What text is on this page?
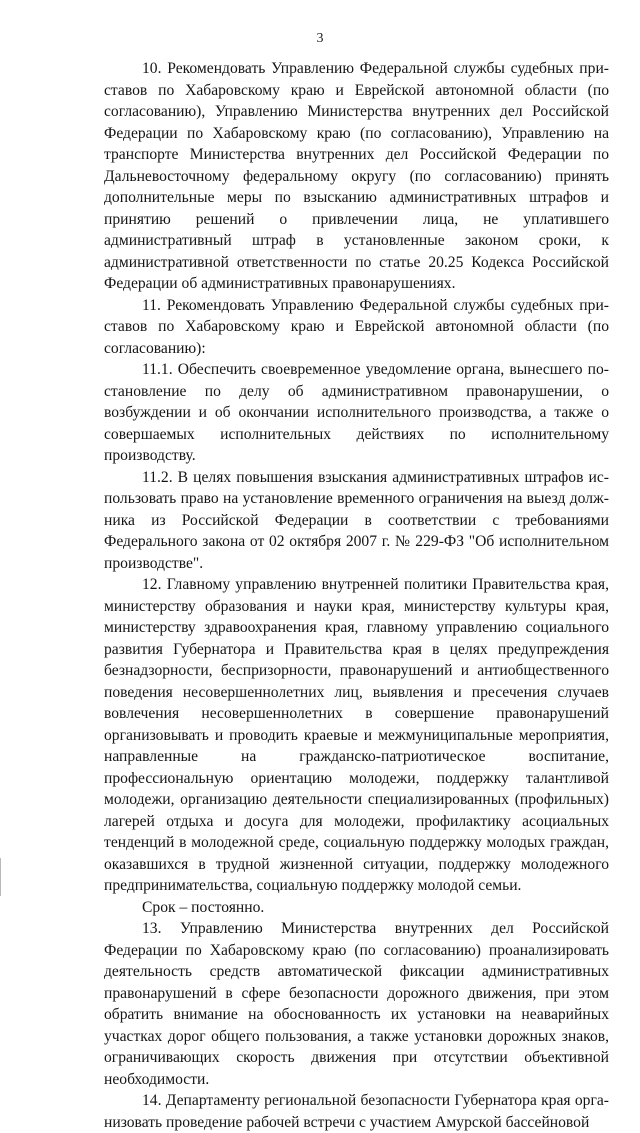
3

10. Рекомендовать Управлению Федеральной службы судебных приставов по Хабаровскому краю и Еврейской автономной области (по согласованию), Управлению Министерства внутренних дел Российской Федерации по Хабаровскому краю (по согласованию), Управлению на транспорте Министерства внутренних дел Российской Федерации по Дальневосточному федеральному округу (по согласованию) принять дополнительные меры по взысканию административных штрафов и принятию решений о привлечении лица, не уплатившего административный штраф в установленные законом сроки, к административной ответственности по статье 20.25 Кодекса Российской Федерации об административных правонарушениях.

11. Рекомендовать Управлению Федеральной службы судебных приставов по Хабаровскому краю и Еврейской автономной области (по согласованию):

11.1. Обеспечить своевременное уведомление органа, вынесшего постановление по делу об административном правонарушении, о возбуждении и об окончании исполнительного производства, а также о совершаемых исполнительных действиях по исполнительному производству.

11.2. В целях повышения взыскания административных штрафов использовать право на установление временного ограничения на выезд должника из Российской Федерации в соответствии с требованиями Федерального закона от 02 октября 2007 г. № 229-ФЗ "Об исполнительном производстве".

12. Главному управлению внутренней политики Правительства края, министерству образования и науки края, министерству культуры края, министерству здравоохранения края, главному управлению социального развития Губернатора и Правительства края в целях предупреждения безнадзорности, беспризорности, правонарушений и антиобщественного поведения несовершеннолетних лиц, выявления и пресечения случаев вовлечения несовершеннолетних в совершение правонарушений организовывать и проводить краевые и межмуниципальные мероприятия, направленные на гражданско-патриотическое воспитание, профессиональную ориентацию молодежи, поддержку талантливой молодежи, организацию деятельности специализированных (профильных) лагерей отдыха и досуга для молодежи, профилактику асоциальных тенденций в молодежной среде, социальную поддержку молодых граждан, оказавшихся в трудной жизненной ситуации, поддержку молодежного предпринимательства, социальную поддержку молодой семьи.

Срок – постоянно.

13. Управлению Министерства внутренних дел Российской Федерации по Хабаровскому краю (по согласованию) проанализировать деятельность средств автоматической фиксации административных правонарушений в сфере безопасности дорожного движения, при этом обратить внимание на обоснованность их установки на неаварийных участках дорог общего пользования, а также установки дорожных знаков, ограничивающих скорость движения при отсутствии объективной необходимости.

14. Департаменту региональной безопасности Губернатора края организовать проведение рабочей встречи с участием Амурской бассейновой
